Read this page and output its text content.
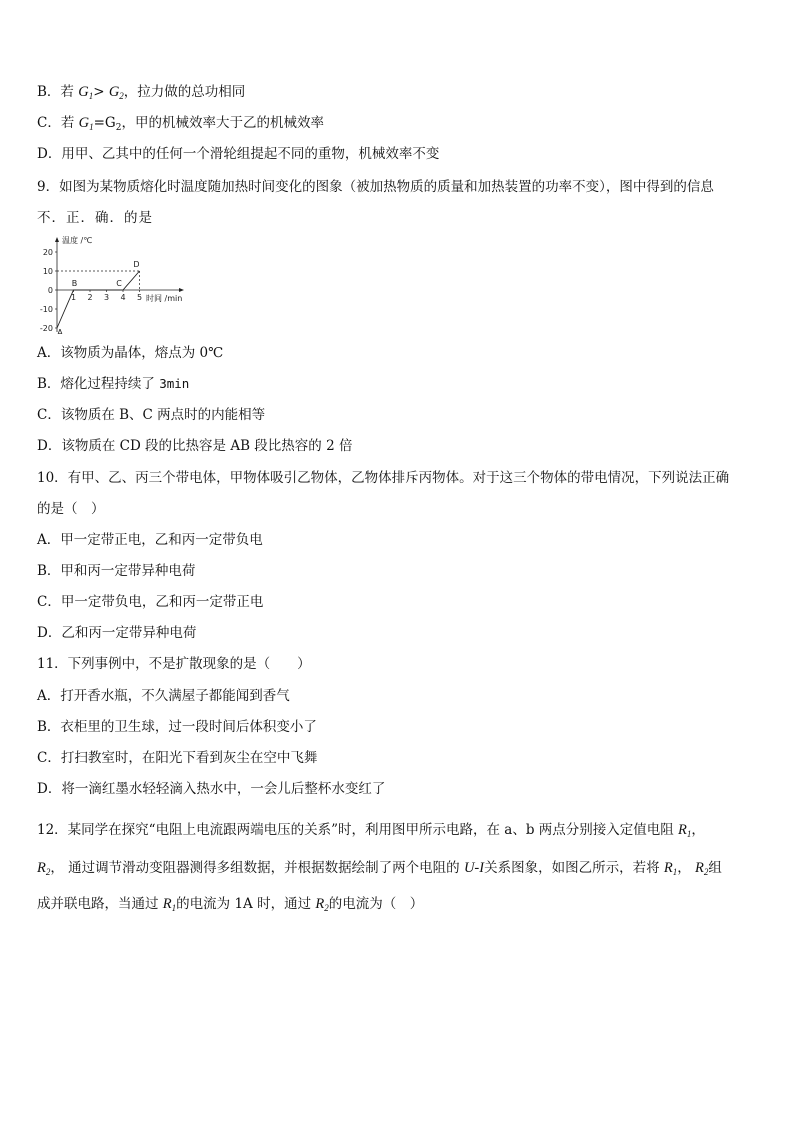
B．若 $G_1> G_2$，拉力做的总功相同
C．若 $G_1=G_2$，甲的机械效率大于乙的机械效率
D．用甲、乙其中的任何一个滑轮组提起不同的重物，机械效率不变
9．如图为某物质熔化时温度随加热时间变化的图象（被加热物质的质量和加热装置的功率不变），图中得到的信息
不．正．确．的是
温度 /℃
时间 /min
20
10
0
-10
-20
1 2 3 4 5
A
B	C
D
A．该物质为晶体，熔点为 0℃
B．熔化过程持续了 3min
C．该物质在 B、C 两点时的内能相等
D．该物质在 CD 段的比热容是 AB 段比热容的 2 倍
10．有甲、乙、丙三个带电体，甲物体吸引乙物体，乙物体排斥丙物体。对于这三个物体的带电情况，下列说法正确
的是（　）
A．甲一定带正电，乙和丙一定带负电
B．甲和丙一定带异种电荷
C．甲一定带负电，乙和丙一定带正电
D．乙和丙一定带异种电荷
11．下列事例中，不是扩散现象的是（　　）
A．打开香水瓶，不久满屋子都能闻到香气
B．衣柜里的卫生球，过一段时间后体积变小了
C．打扫教室时，在阳光下看到灰尘在空中飞舞
D．将一滴红墨水轻轻滴入热水中，一会儿后整杯水变红了
12．某同学在探究“电阻上电流跟两端电压的关系”时，利用图甲所示电路，在 a、b 两点分别接入定值电阻 $R_1$，
$R_2$， 通过调节滑动变阻器测得多组数据，并根据数据绘制了两个电阻的 U-I关系图象，如图乙所示，若将 $R_1$， $R_2$组
成并联电路，当通过 $R_1$的电流为 1A 时，通过 $R_2$的电流为（　）
